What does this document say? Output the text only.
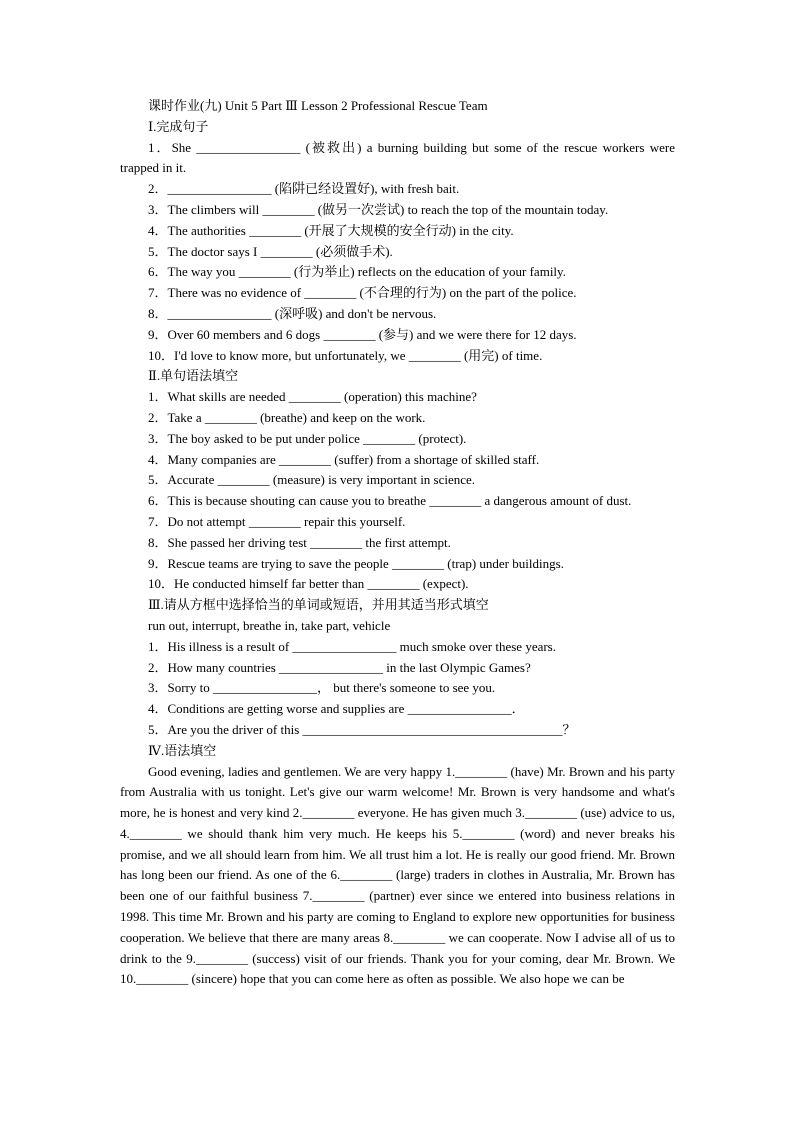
课时作业(九) Unit 5 Part Ⅲ Lesson 2 Professional Rescue Team
Ⅰ.完成句子
1．She ________________ (被救出) a burning building but some of the rescue workers were trapped in it.
2．________________ (陷阱已经设置好), with fresh bait.
3．The climbers will ________ (做另一次尝试) to reach the top of the mountain today.
4．The authorities ________ (开展了大规模的安全行动) in the city.
5．The doctor says I ________ (必须做手术).
6．The way you ________ (行为举止) reflects on the education of your family.
7．There was no evidence of ________ (不合理的行为) on the part of the police.
8．________________ (深呼吸) and don't be nervous.
9．Over 60 members and 6 dogs ________ (参与) and we were there for 12 days.
10．I'd love to know more, but unfortunately, we ________ (用完) of time.
Ⅱ.单句语法填空
1．What skills are needed ________ (operation) this machine?
2．Take a ________ (breathe) and keep on the work.
3．The boy asked to be put under police ________ (protect).
4．Many companies are ________ (suffer) from a shortage of skilled staff.
5．Accurate ________ (measure) is very important in science.
6．This is because shouting can cause you to breathe ________ a dangerous amount of dust.
7．Do not attempt ________ repair this yourself.
8．She passed her driving test ________ the first attempt.
9．Rescue teams are trying to save the people ________ (trap) under buildings.
10．He conducted himself far better than ________ (expect).
Ⅲ.请从方框中选择恰当的单词或短语，并用其适当形式填空
run out, interrupt, breathe in, take part, vehicle
1．His illness is a result of ________________ much smoke over these years.
2．How many countries ________________ in the last Olympic Games?
3．Sorry to ________________， but there's someone to see you.
4．Conditions are getting worse and supplies are ________________．
5．Are you the driver of this ________________________________________？
Ⅳ.语法填空
Good evening, ladies and gentlemen. We are very happy 1.________ (have) Mr. Brown and his party from Australia with us tonight. Let's give our warm welcome! Mr. Brown is very handsome and what's more, he is honest and very kind 2.________ everyone. He has given much 3.________ (use) advice to us, 4.________ we should thank him very much. He keeps his 5.________ (word) and never breaks his promise, and we all should learn from him. We all trust him a lot. He is really our good friend. Mr. Brown has long been our friend. As one of the 6.________ (large) traders in clothes in Australia, Mr. Brown has been one of our faithful business 7.________ (partner) ever since we entered into business relations in 1998. This time Mr. Brown and his party are coming to England to explore new opportunities for business cooperation. We believe that there are many areas 8.________ we can cooperate. Now I advise all of us to drink to the 9.________ (success) visit of our friends. Thank you for your coming, dear Mr. Brown. We 10.________ (sincere) hope that you can come here as often as possible. We also hope we can be
